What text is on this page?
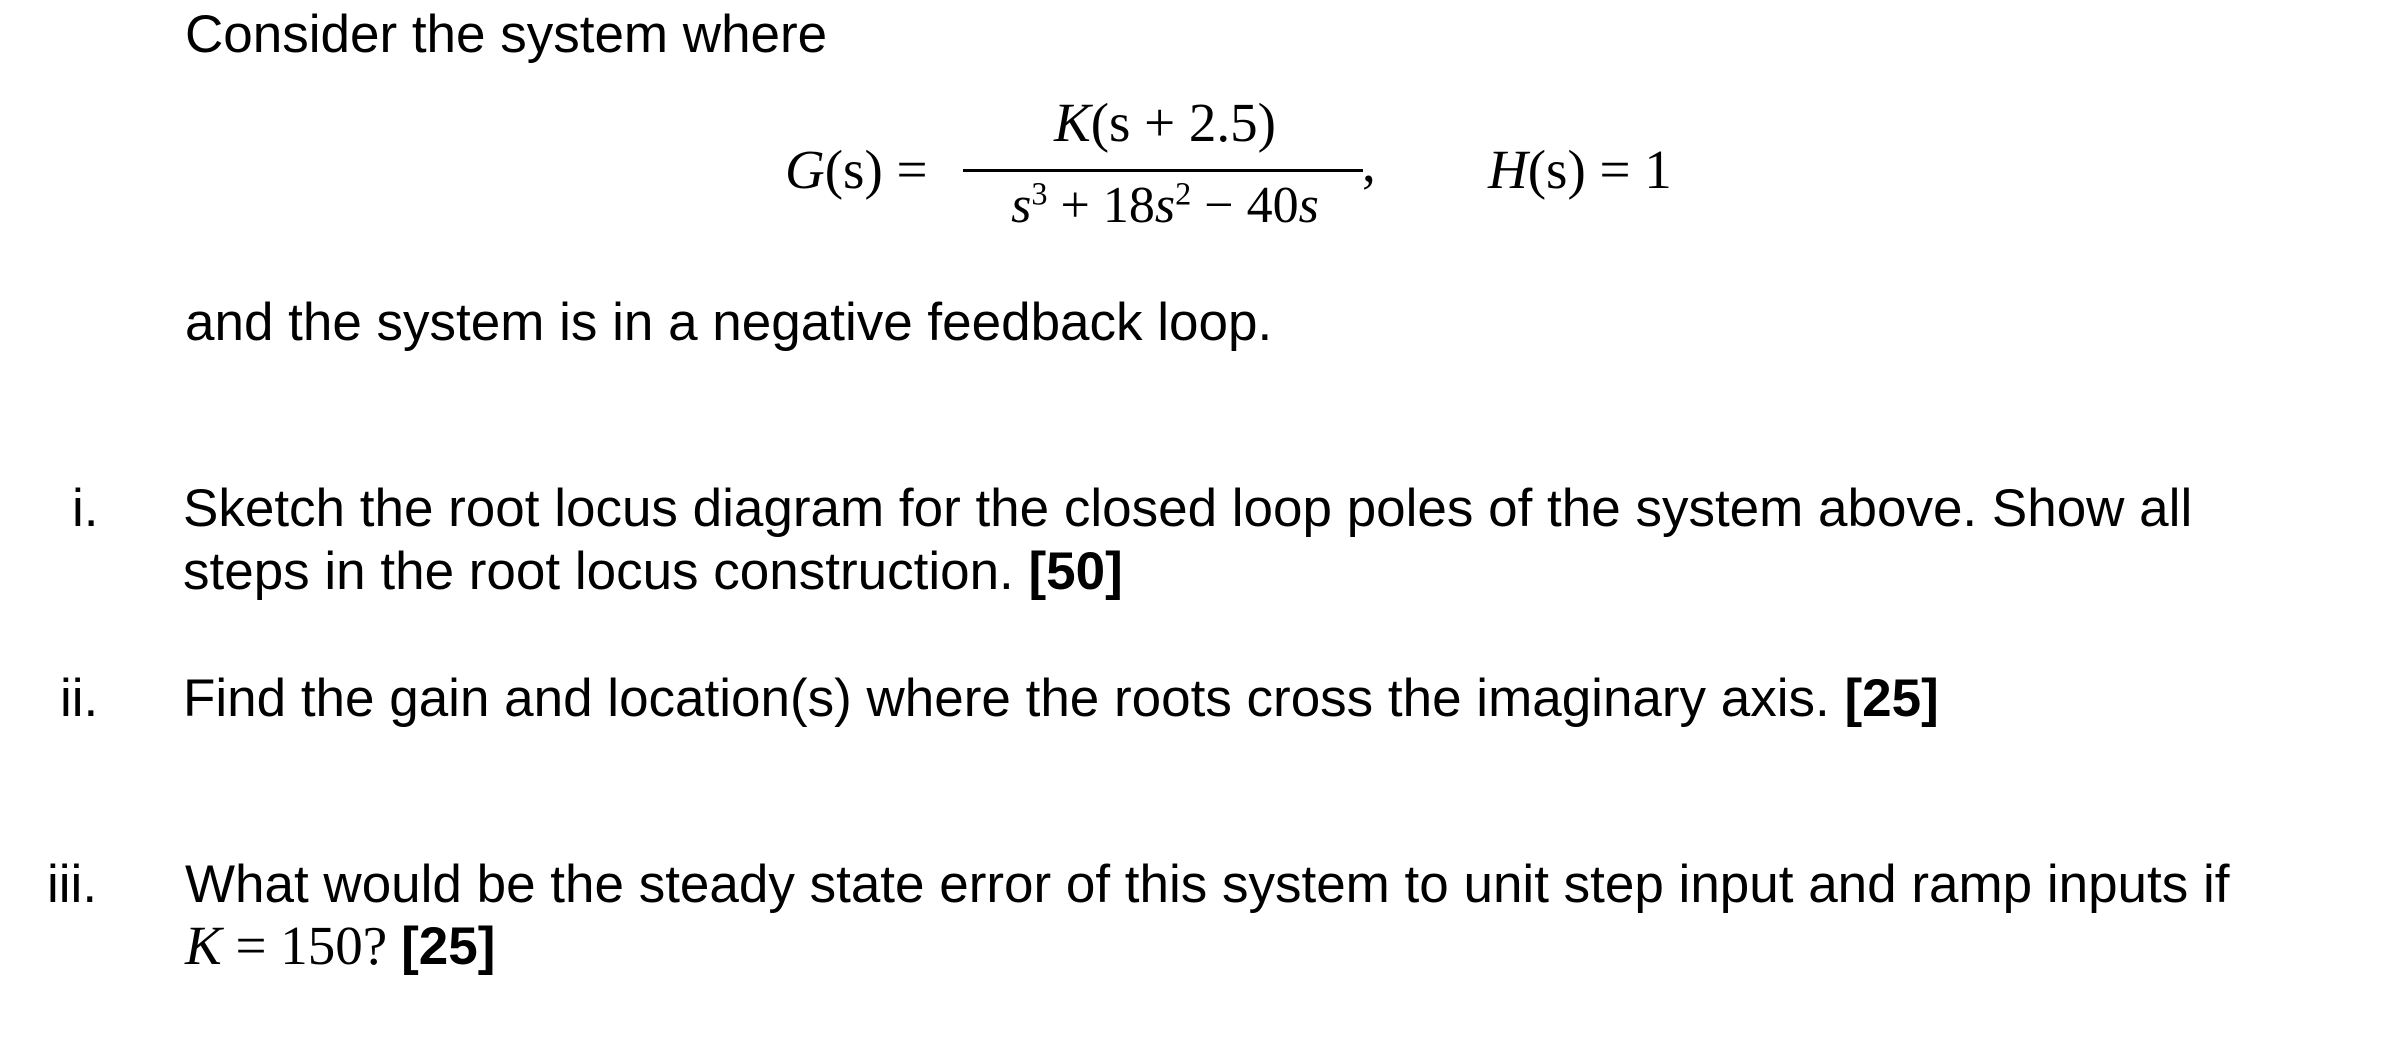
Consider the system where
G(s) =
K(s + 2.5)
$s^3 + 18s^2 - 40s$
, H(s) = 1
and the system is in a negative feedback loop.
i. Sketch the root locus diagram for the closed loop poles of the system above. Show all
steps in the root locus construction. [50]
ii. Find the gain and location(s) where the roots cross the imaginary axis. [25]
iii. What would be the steady state error of this system to unit step input and ramp inputs if
K = 150? [25]
